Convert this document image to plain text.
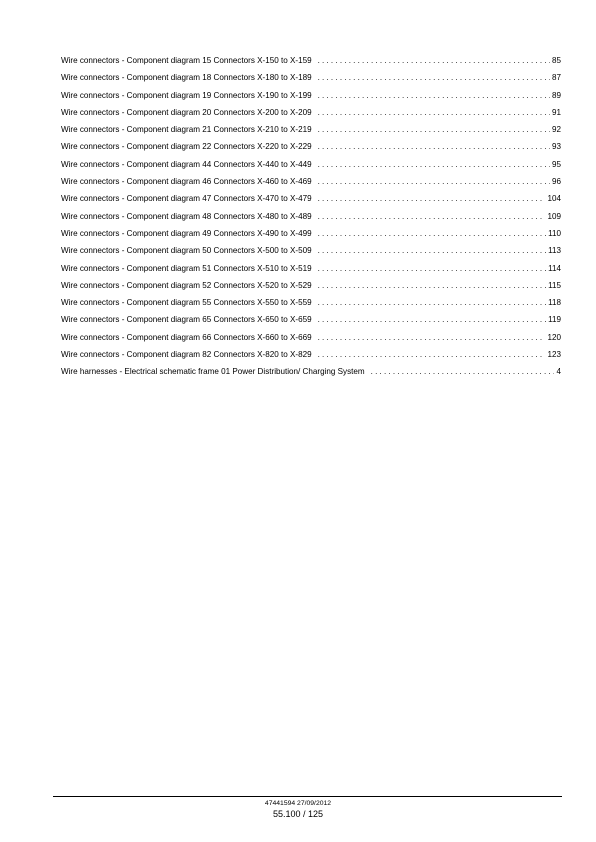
Wire connectors - Component diagram 15 Connectors X-150 to X-159 . . .	85
Wire connectors - Component diagram 18 Connectors X-180 to X-189 . . .	87
Wire connectors - Component diagram 19 Connectors X-190 to X-199 . . .	89
Wire connectors - Component diagram 20 Connectors X-200 to X-209 . . .	91
Wire connectors - Component diagram 21 Connectors X-210 to X-219 . . .	92
Wire connectors - Component diagram 22 Connectors X-220 to X-229 . . .	93
Wire connectors - Component diagram 44 Connectors X-440 to X-449 . . .	95
Wire connectors - Component diagram 46 Connectors X-460 to X-469 . . .	96
Wire connectors - Component diagram 47 Connectors X-470 to X-479 . . .	104
Wire connectors - Component diagram 48 Connectors X-480 to X-489 . . .	109
Wire connectors - Component diagram 49 Connectors X-490 to X-499 . . .	110
Wire connectors - Component diagram 50 Connectors X-500 to X-509 . . .	113
Wire connectors - Component diagram 51 Connectors X-510 to X-519 . . .	114
Wire connectors - Component diagram 52 Connectors X-520 to X-529 . . .	115
Wire connectors - Component diagram 55 Connectors X-550 to X-559 . . .	118
Wire connectors - Component diagram 65 Connectors X-650 to X-659 . . .	119
Wire connectors - Component diagram 66 Connectors X-660 to X-669 . . .	120
Wire connectors - Component diagram 82 Connectors X-820 to X-829 . . .	123
Wire harnesses - Electrical schematic frame 01 Power Distribution/ Charging System . . .	4
47441594 27/09/2012
55.100 / 125
